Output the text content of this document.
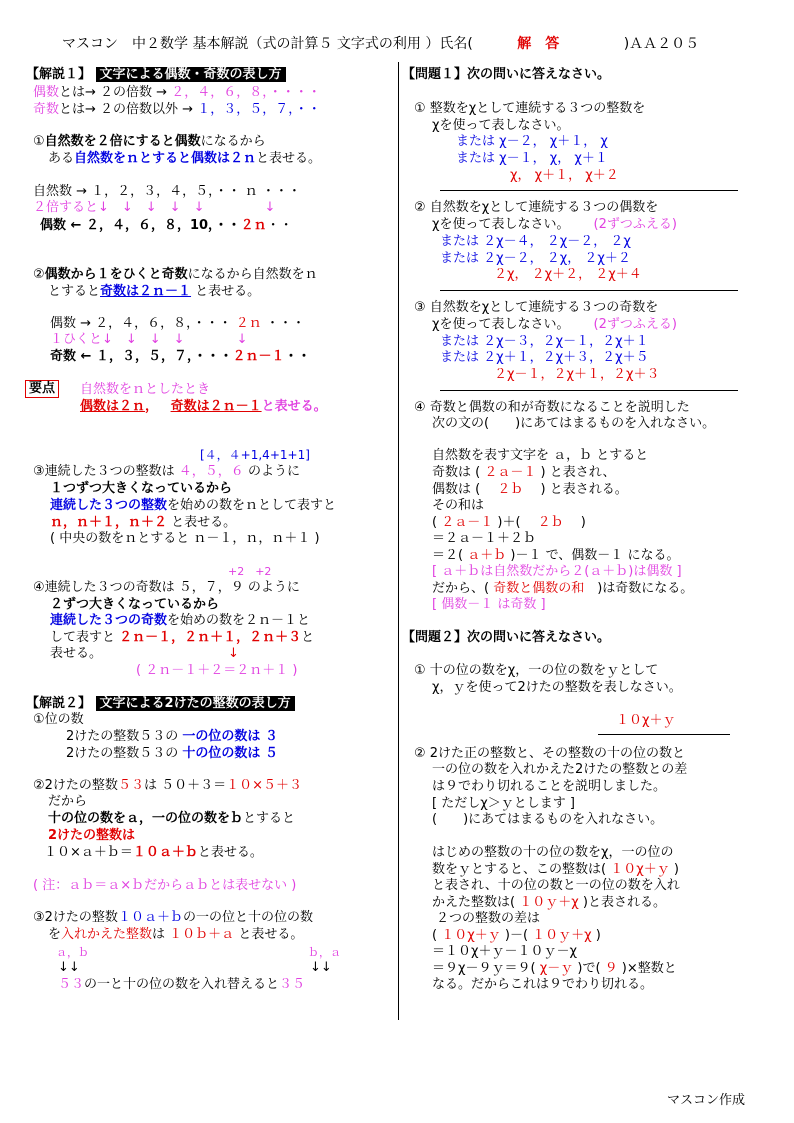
マスコン　中２数学 基本解説（式の計算５ 文字式の利用 ）氏名(	解　答	)ＡＡ２０５
【解説１】 文字による偶数・奇数の表し方
偶数とは→ ２の倍数 → ２，４，６，８，・・・・
奇数とは→ ２の倍数以外 → １，３，５，７，・・
①自然数を２倍にすると偶数になるから
ある自然数をｎとすると偶数は２ｎと表せる。
自然数 → １，２，３，４，５，・・ ｎ ・・・
２倍すると↓　↓　↓　↓　↓	↓
偶数 ← ２，４，６，８，10，・・２ｎ・・
②偶数から１をひくと奇数になるから自然数をｎ
とすると奇数は２ｎ－１ と表せる。
偶数 → ２，４，６，８，・・・ ２ｎ ・・・
１ひくと↓　↓　↓　↓	↓
奇数 ← １，３，５，７，・・・２ｎ－１・・
要点	自然数をｎとしたとき
偶数は２ｎ， 奇数は２ｎ－１と表せる。
[４，４+1,4+1+1]
③連続した３つの整数は ４，５，６ のように
１つずつ大きくなっているから
連続した３つの整数を始めの数をｎとして表すと
ｎ，ｎ＋１，ｎ＋２ と表せる。
( 中央の数をｎとすると ｎ－１，ｎ，ｎ＋１ )
+2　+2
④連続した３つの奇数は ５，７，９ のように
２ずつ大きくなっているから
連続した３つの奇数を始めの数を２ｎ－１と
して表すと ２ｎ－１，２ｎ＋１，２ｎ＋３と
表せる。	↓
( ２ｎ－１＋２＝２ｎ＋１ )
【解説２】 文字による2けたの整数の表し方
①位の数
2けたの整数５３の 一の位の数は ３
2けたの整数５３の 十の位の数は ５
②2けたの整数５３は ５０＋３＝１０×５＋３
だから
十の位の数をａ，一の位の数をｂとすると
2けたの整数は
１０×ａ＋ｂ＝１０ａ＋ｂと表せる。
( 注：ａｂ＝ａ×ｂだからａｂとは表せない )
③2けたの整数１０ａ＋ｂの一の位と十の位の数
を入れかえた整数は １０ｂ＋ａ と表せる。
ａ，ｂ	ｂ，ａ
↓↓	↓↓
５３の一と十の位の数を入れ替えると３５
【問題１】次の問いに答えなさい。
① 整数をχとして連続する３つの整数を
χを使って表しなさい。
または χ－２， χ＋１， χ
または χ－１， χ， χ＋１
χ， χ＋１， χ＋２
② 自然数をχとして連続する３つの偶数を
χを使って表しなさい。 (2ずつふえる)
または ２χ－４， ２χ－２， ２χ
または ２χ－２， ２χ， ２χ＋２
２χ， ２χ＋２， ２χ＋４
③ 自然数をχとして連続する３つの奇数を
χを使って表しなさい。 (2ずつふえる)
または ２χ－３，２χ－１，２χ＋１
または ２χ＋１，２χ＋３，２χ＋５
２χ－１，２χ＋１，２χ＋３
④ 奇数と偶数の和が奇数になることを説明した
次の文の(　　)にあてはまるものを入れなさい。
自然数を表す文字を ａ，ｂ とすると
奇数は ( ２ａ－１ ) と表され、
偶数は (　 ２ｂ　 ) と表される。
その和は
( ２ａ－１ )＋(　 ２ｂ　 )
＝２ａ－１＋２ｂ
＝２( ａ＋ｂ )－１ で、偶数－１ になる。
[ ａ＋ｂは自然数だから２(ａ＋ｂ)は偶数 ]
だから、( 奇数と偶数の和　)は奇数になる。
[ 偶数－１ は奇数 ]
【問題２】次の問いに答えなさい。
① 十の位の数をχ，一の位の数をｙとして
χ，ｙを使って2けたの整数を表しなさい。
１０χ＋ｙ
② 2けた正の整数と、その整数の十の位の数と
一の位の数を入れかえた2けたの整数との差
は９でわり切れることを説明しました。
[ ただしχ＞ｙとします ]
(　　)にあてはまるものを入れなさい。
はじめの整数の十の位の数をχ，一の位の
数をｙとすると、この整数は( １０χ＋ｙ )
と表され、十の位の数と一の位の数を入れ
かえた整数は( １０ｙ＋χ )と表される。
２つの整数の差は
( １０χ＋ｙ )－( １０ｙ＋χ )
＝１０χ＋ｙ－１０ｙ－χ
＝９χ－９ｙ＝９( χ－ｙ )で( ９ )×整数と
なる。だからこれは９でわり切れる。
マスコン作成
